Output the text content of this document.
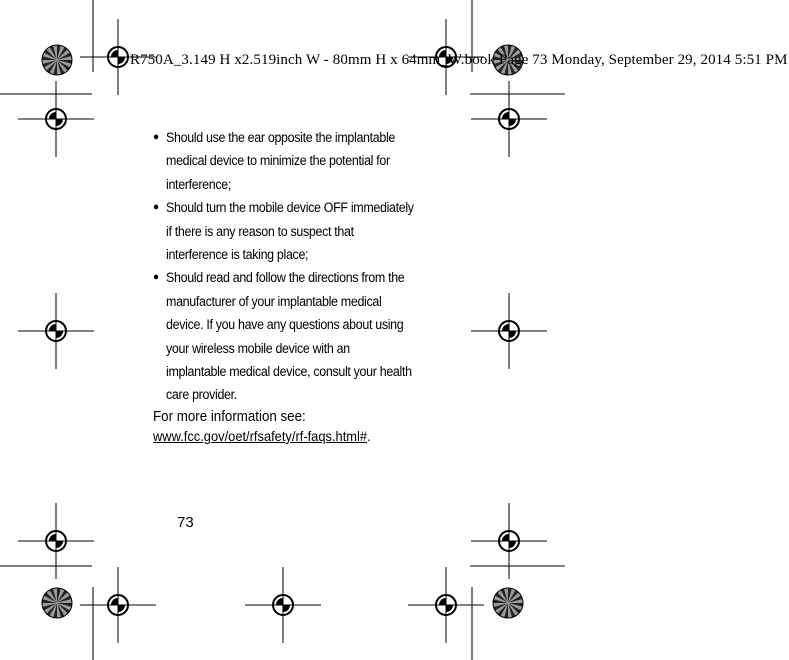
R750A_3.149 H x2.519inch W - 80mm H x 64mm_W.book Page 73 Monday, September 29, 2014 5:51 PM
● Should use the ear opposite the implantable
medical device to minimize the potential for
interference;
● Should turn the mobile device OFF immediately
if there is any reason to suspect that
interference is taking place;
● Should read and follow the directions from the
manufacturer of your implantable medical
device. If you have any questions about using
your wireless mobile device with an
implantable medical device, consult your health
care provider.
For more information see:
www.fcc.gov/oet/rfsafety/rf-faqs.html#.
73
